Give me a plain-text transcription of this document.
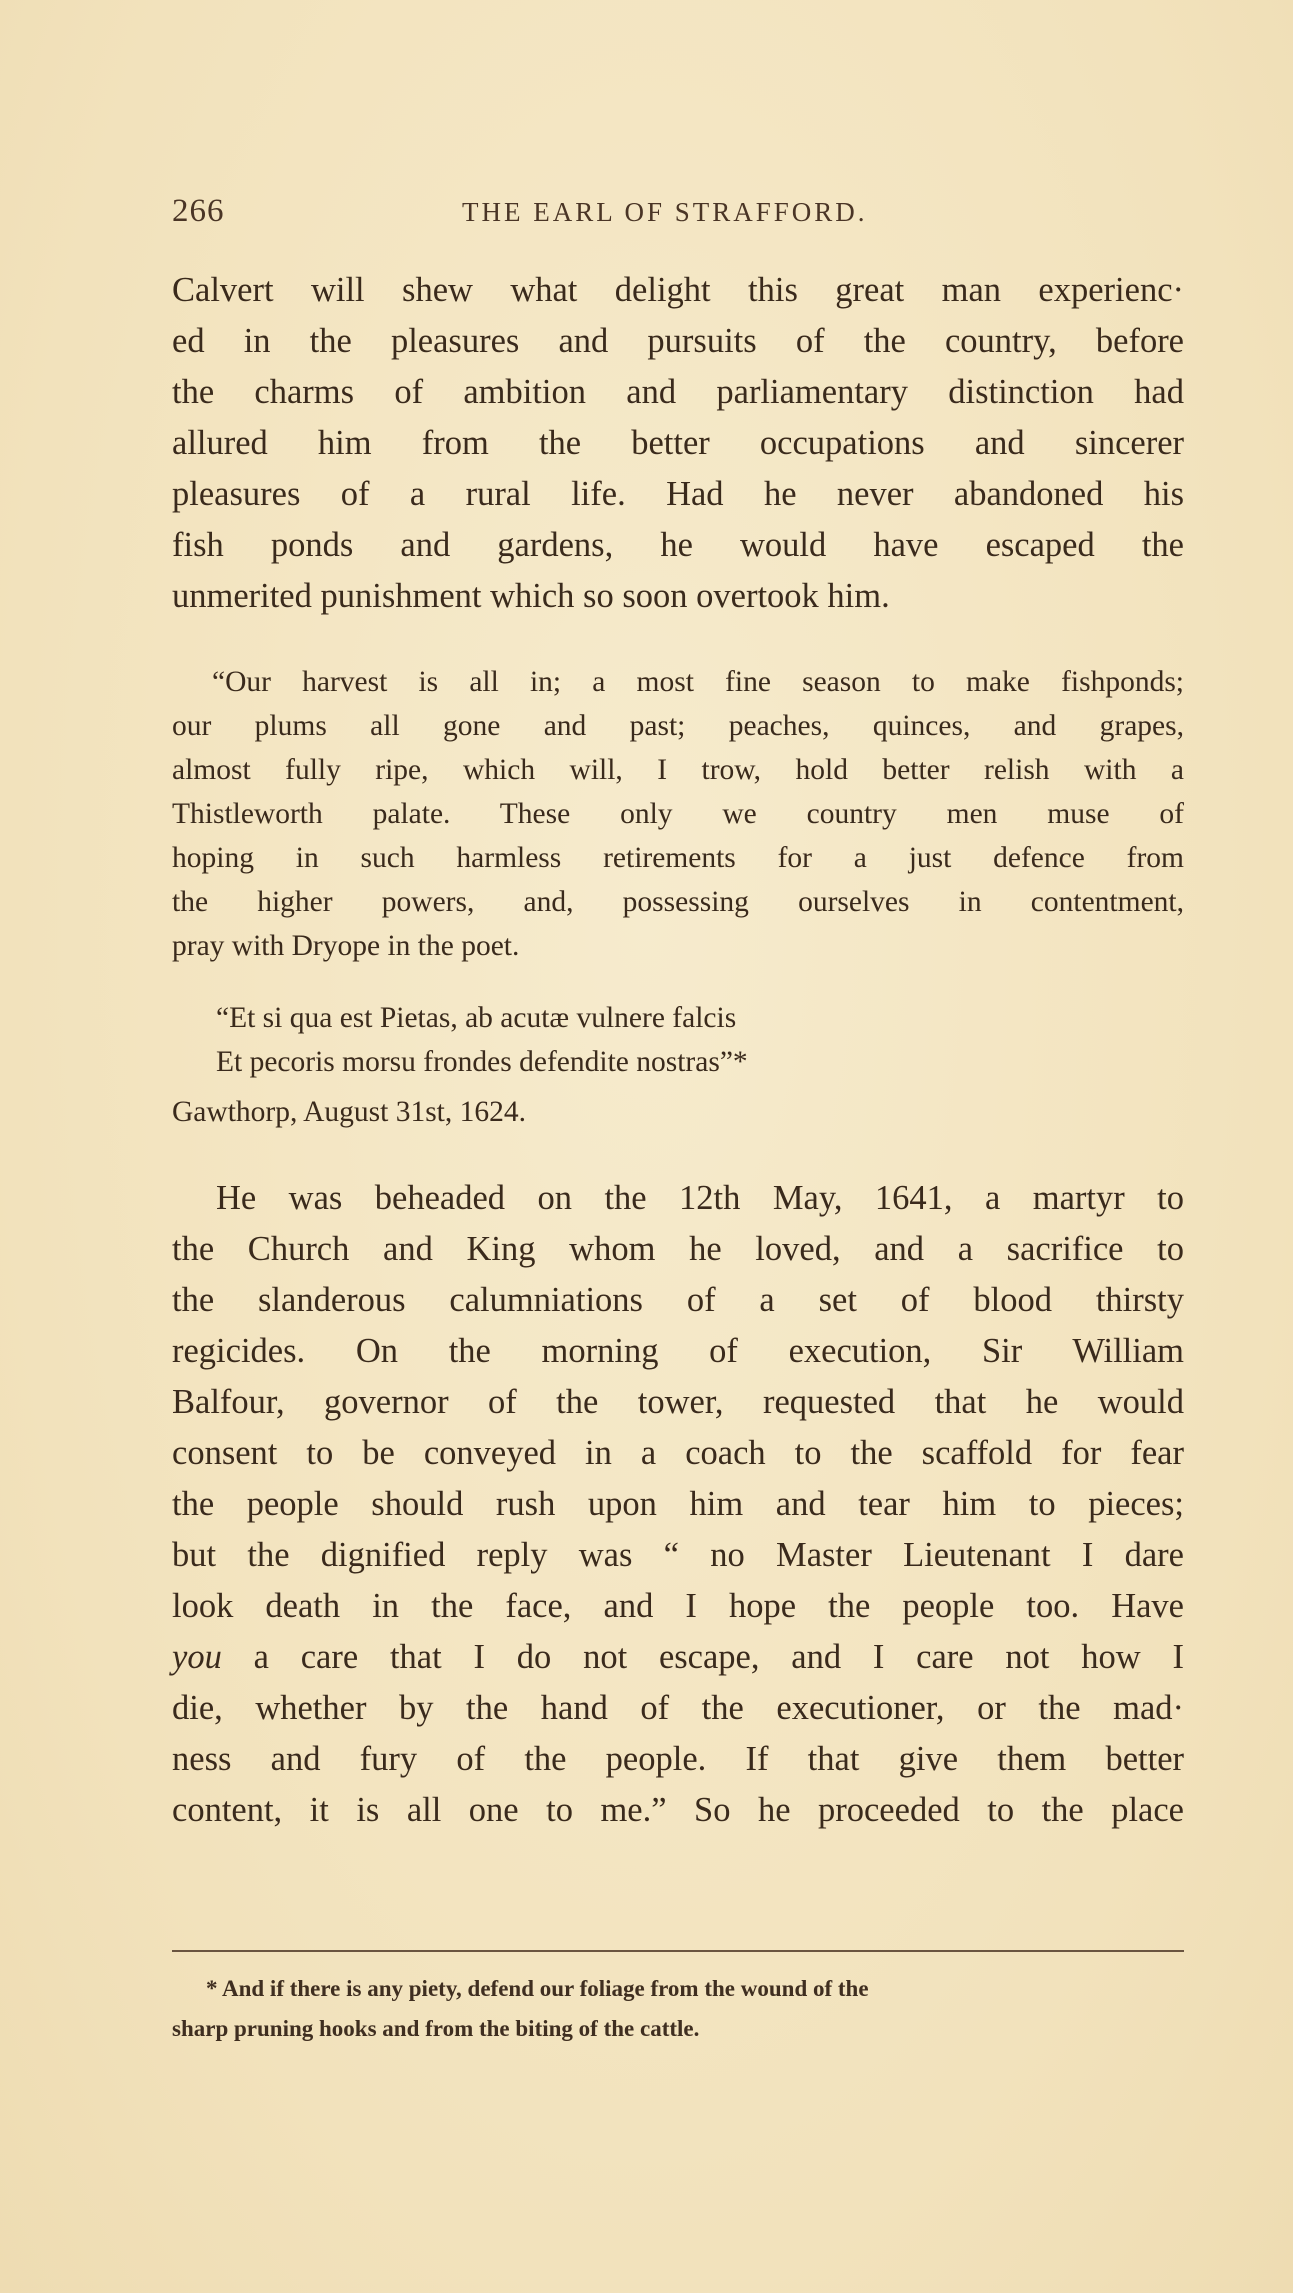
266	THE EARL OF STRAFFORD.
Calvert will shew what delight this great man experienc·
ed in the pleasures and pursuits of the country, before
the charms of ambition and parliamentary distinction had
allured him from the better occupations and sincerer
pleasures of a rural life. Had he never abandoned his
fish ponds and gardens, he would have escaped the
unmerited punishment which so soon overtook him.
“Our harvest is all in; a most fine season to make fishponds;
our plums all gone and past; peaches, quinces, and grapes,
almost fully ripe, which will, I trow, hold better relish with a
Thistleworth palate. These only we country men muse of
hoping in such harmless retirements for a just defence from
the higher powers, and, possessing ourselves in contentment,
pray with Dryope in the poet.
“Et si qua est Pietas, ab acutæ vulnere falcis
Et pecoris morsu frondes defendite nostras”*
Gawthorp, August 31st, 1624.
He was beheaded on the 12th May, 1641, a martyr to
the Church and King whom he loved, and a sacrifice to
the slanderous calumniations of a set of blood thirsty
regicides. On the morning of execution, Sir William
Balfour, governor of the tower, requested that he would
consent to be conveyed in a coach to the scaffold for fear
the people should rush upon him and tear him to pieces;
but the dignified reply was “ no Master Lieutenant I dare
look death in the face, and I hope the people too. Have
you a care that I do not escape, and I care not how I
die, whether by the hand of the executioner, or the mad·
ness and fury of the people. If that give them better
content, it is all one to me.” So he proceeded to the place
* And if there is any piety, defend our foliage from the wound of the
sharp pruning hooks and from the biting of the cattle.
